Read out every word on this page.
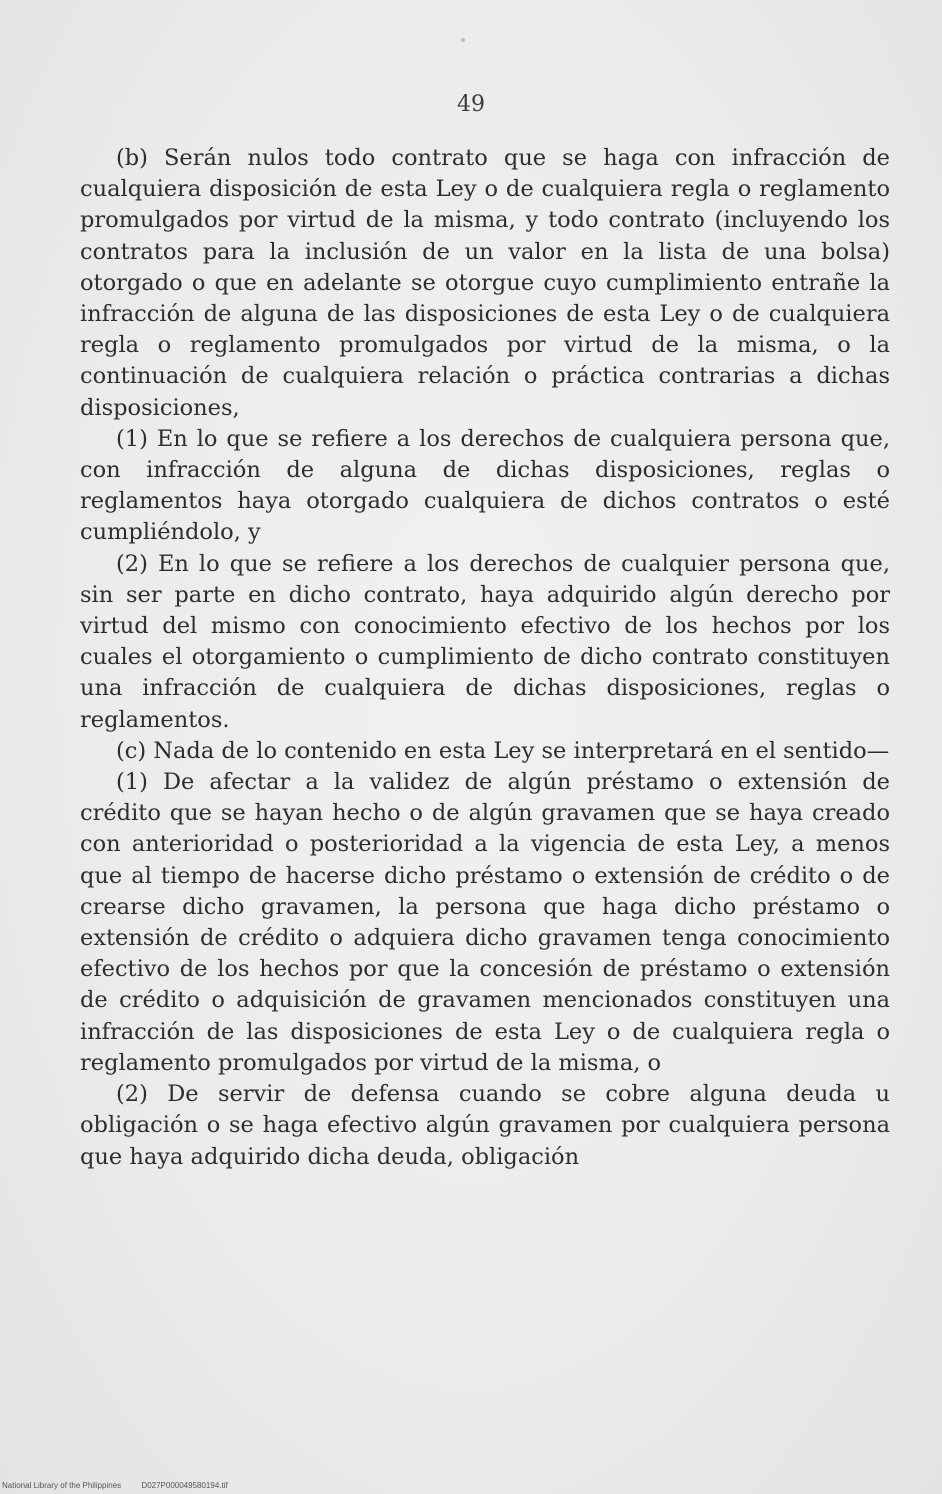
49

(b) Serán nulos todo contrato que se haga con infracción de cualquiera disposición de esta Ley o de cualquiera regla o reglamento promulgados por virtud de la misma, y todo contrato (incluyendo los contratos para la inclusión de un valor en la lista de una bolsa) otorgado o que en adelante se otorgue cuyo cumplimiento entrañe la infracción de alguna de las disposiciones de esta Ley o de cualquiera regla o reglamento promulgados por virtud de la misma, o la continuación de cualquiera relación o práctica contrarias a dichas disposiciones,

(1) En lo que se refiere a los derechos de cualquiera persona que, con infracción de alguna de dichas disposiciones, reglas o reglamentos haya otorgado cualquiera de dichos contratos o esté cumpliéndolo, y

(2) En lo que se refiere a los derechos de cualquier persona que, sin ser parte en dicho contrato, haya adquirido algún derecho por virtud del mismo con conocimiento efectivo de los hechos por los cuales el otorgamiento o cumplimiento de dicho contrato constituyen una infracción de cualquiera de dichas disposiciones, reglas o reglamentos.

(c) Nada de lo contenido en esta Ley se interpretará en el sentido—

(1) De afectar a la validez de algún préstamo o extensión de crédito que se hayan hecho o de algún gravamen que se haya creado con anterioridad o posterioridad a la vigencia de esta Ley, a menos que al tiempo de hacerse dicho préstamo o extensión de crédito o de crearse dicho gravamen, la persona que haga dicho préstamo o extensión de crédito o adquiera dicho gravamen tenga conocimiento efectivo de los hechos por que la concesión de préstamo o extensión de crédito o adquisición de gravamen mencionados constituyen una infracción de las disposiciones de esta Ley o de cualquiera regla o reglamento promulgados por virtud de la misma, o

(2) De servir de defensa cuando se cobre alguna deuda u obligación o se haga efectivo algún gravamen por cualquiera persona que haya adquirido dicha deuda, obligación

National Library of the Philippines	D027P000049580194.tif
